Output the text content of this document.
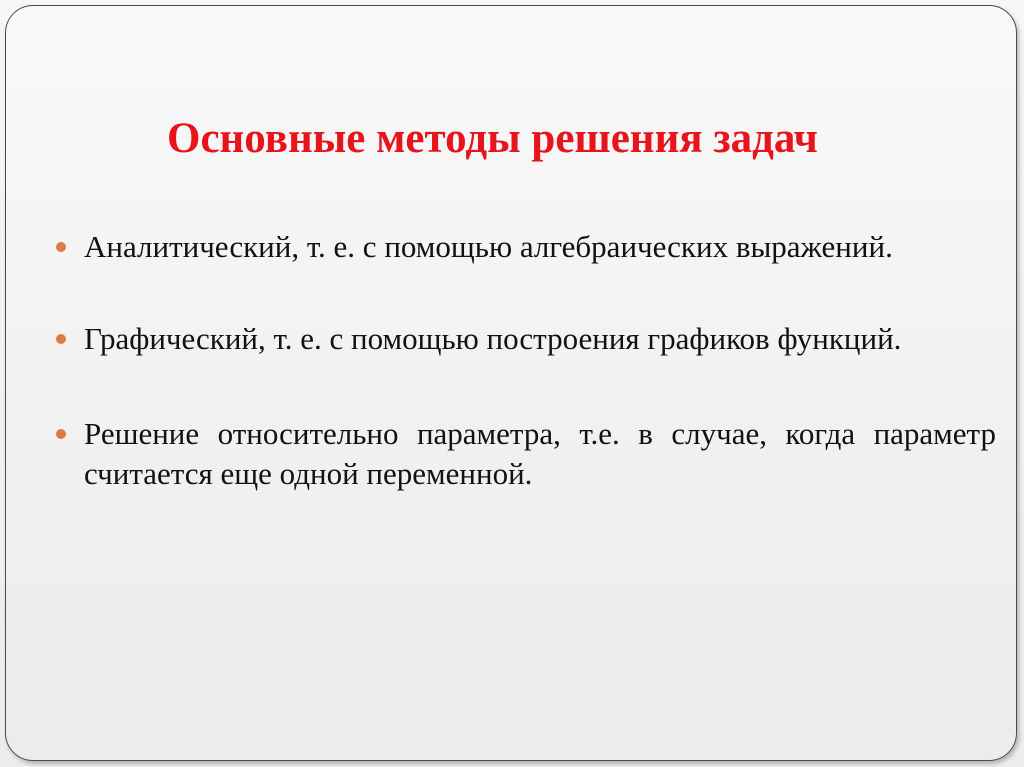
Основные методы решения задач
Аналитический, т. е. с помощью алгебраических выражений.
Графический, т. е. с помощью построения графиков функций.
Решение относительно параметра, т.е. в случае, когда параметр считается еще одной переменной.
